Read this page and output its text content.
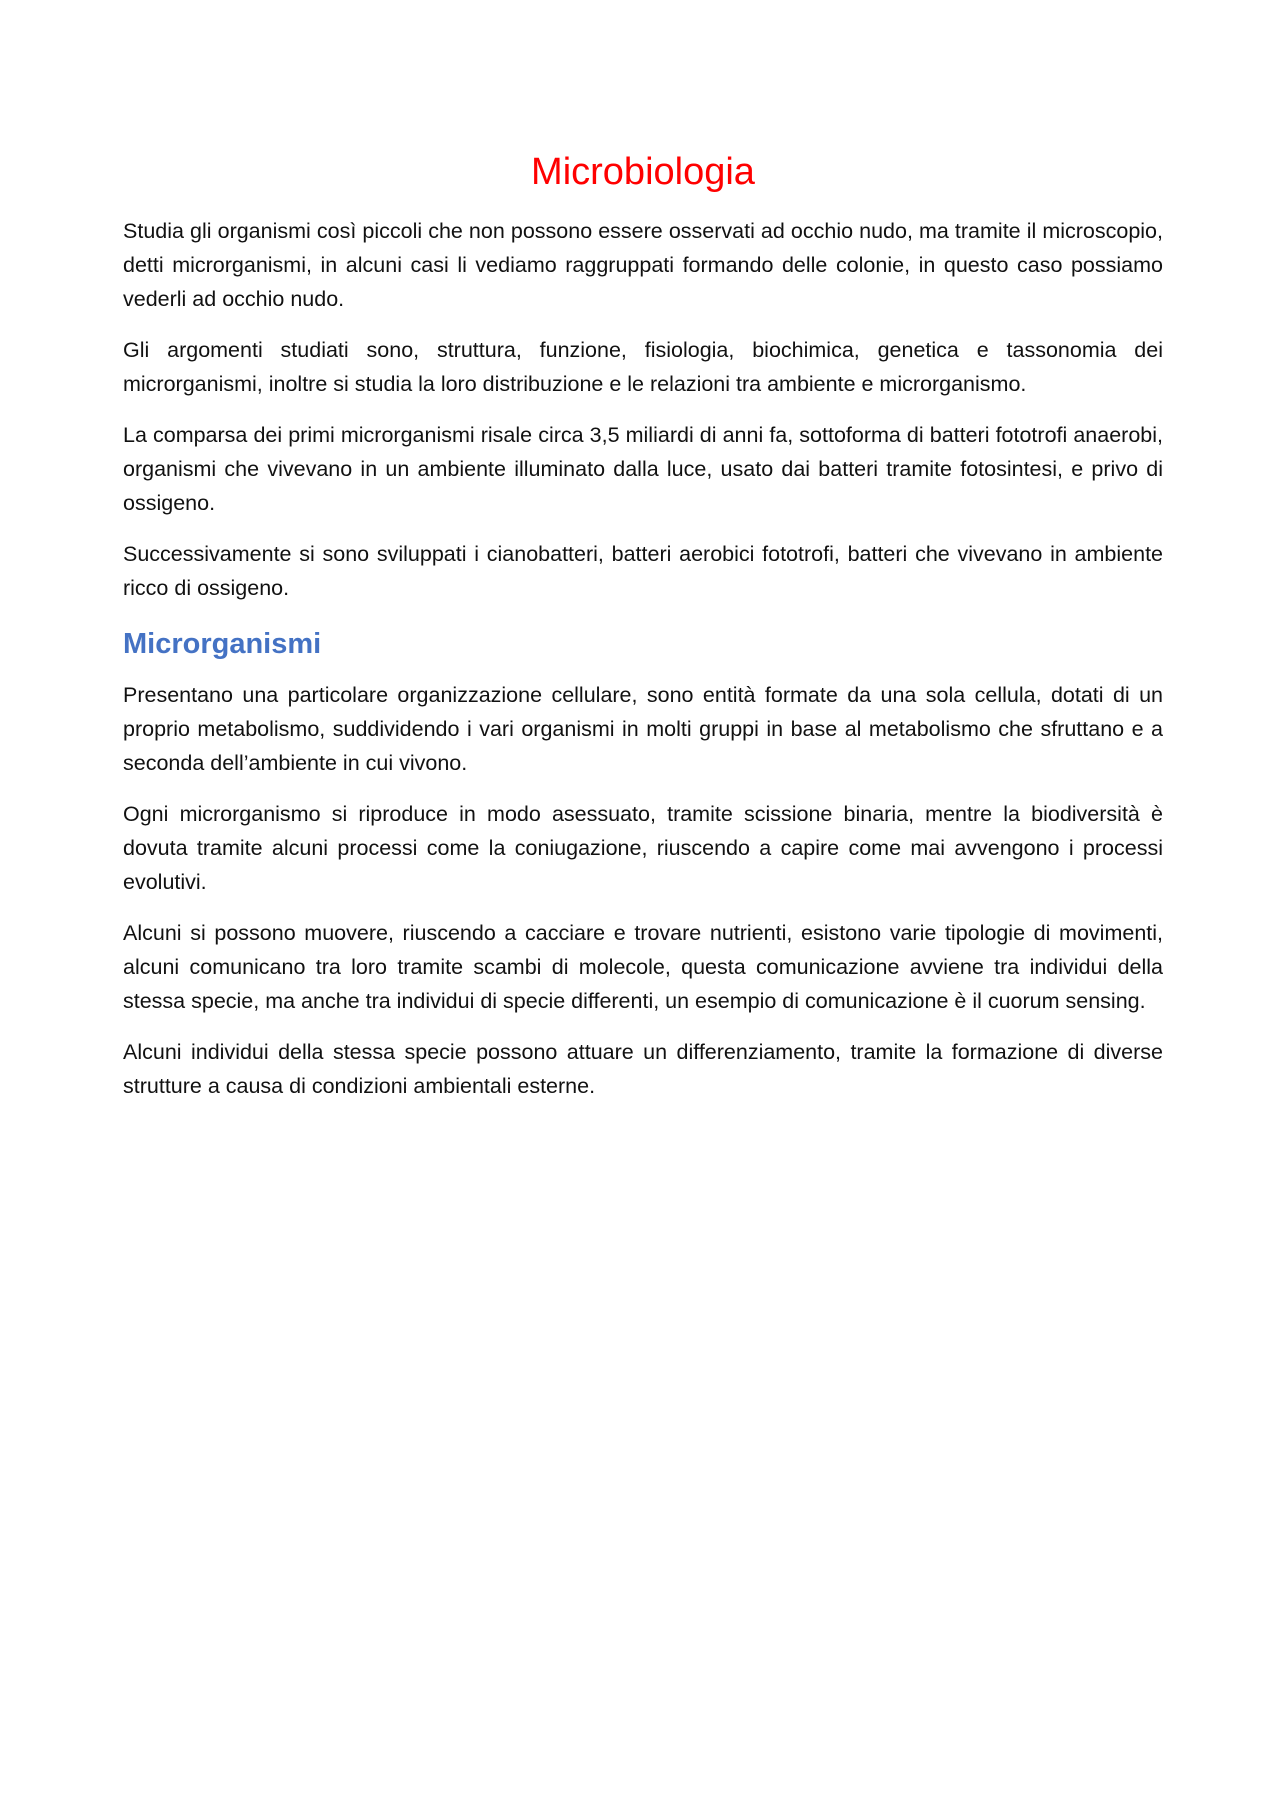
Microbiologia

Studia gli organismi così piccoli che non possono essere osservati ad occhio nudo, ma tramite il microscopio, detti microrganismi, in alcuni casi li vediamo raggruppati formando delle colonie, in questo caso possiamo vederli ad occhio nudo.

Gli argomenti studiati sono, struttura, funzione, fisiologia, biochimica, genetica e tassonomia dei microrganismi, inoltre si studia la loro distribuzione e le relazioni tra ambiente e microrganismo.

La comparsa dei primi microrganismi risale circa 3,5 miliardi di anni fa, sottoforma di batteri fototrofi anaerobi, organismi che vivevano in un ambiente illuminato dalla luce, usato dai batteri tramite fotosintesi, e privo di ossigeno.

Successivamente si sono sviluppati i cianobatteri, batteri aerobici fototrofi, batteri che vivevano in ambiente ricco di ossigeno.

Microrganismi

Presentano una particolare organizzazione cellulare, sono entità formate da una sola cellula, dotati di un proprio metabolismo, suddividendo i vari organismi in molti gruppi in base al metabolismo che sfruttano e a seconda dell’ambiente in cui vivono.

Ogni microrganismo si riproduce in modo asessuato, tramite scissione binaria, mentre la biodiversità è dovuta tramite alcuni processi come la coniugazione, riuscendo a capire come mai avvengono i processi evolutivi.

Alcuni si possono muovere, riuscendo a cacciare e trovare nutrienti, esistono varie tipologie di movimenti, alcuni comunicano tra loro tramite scambi di molecole, questa comunicazione avviene tra individui della stessa specie, ma anche tra individui di specie differenti, un esempio di comunicazione è il cuorum sensing.

Alcuni individui della stessa specie possono attuare un differenziamento, tramite la formazione di diverse strutture a causa di condizioni ambientali esterne.
